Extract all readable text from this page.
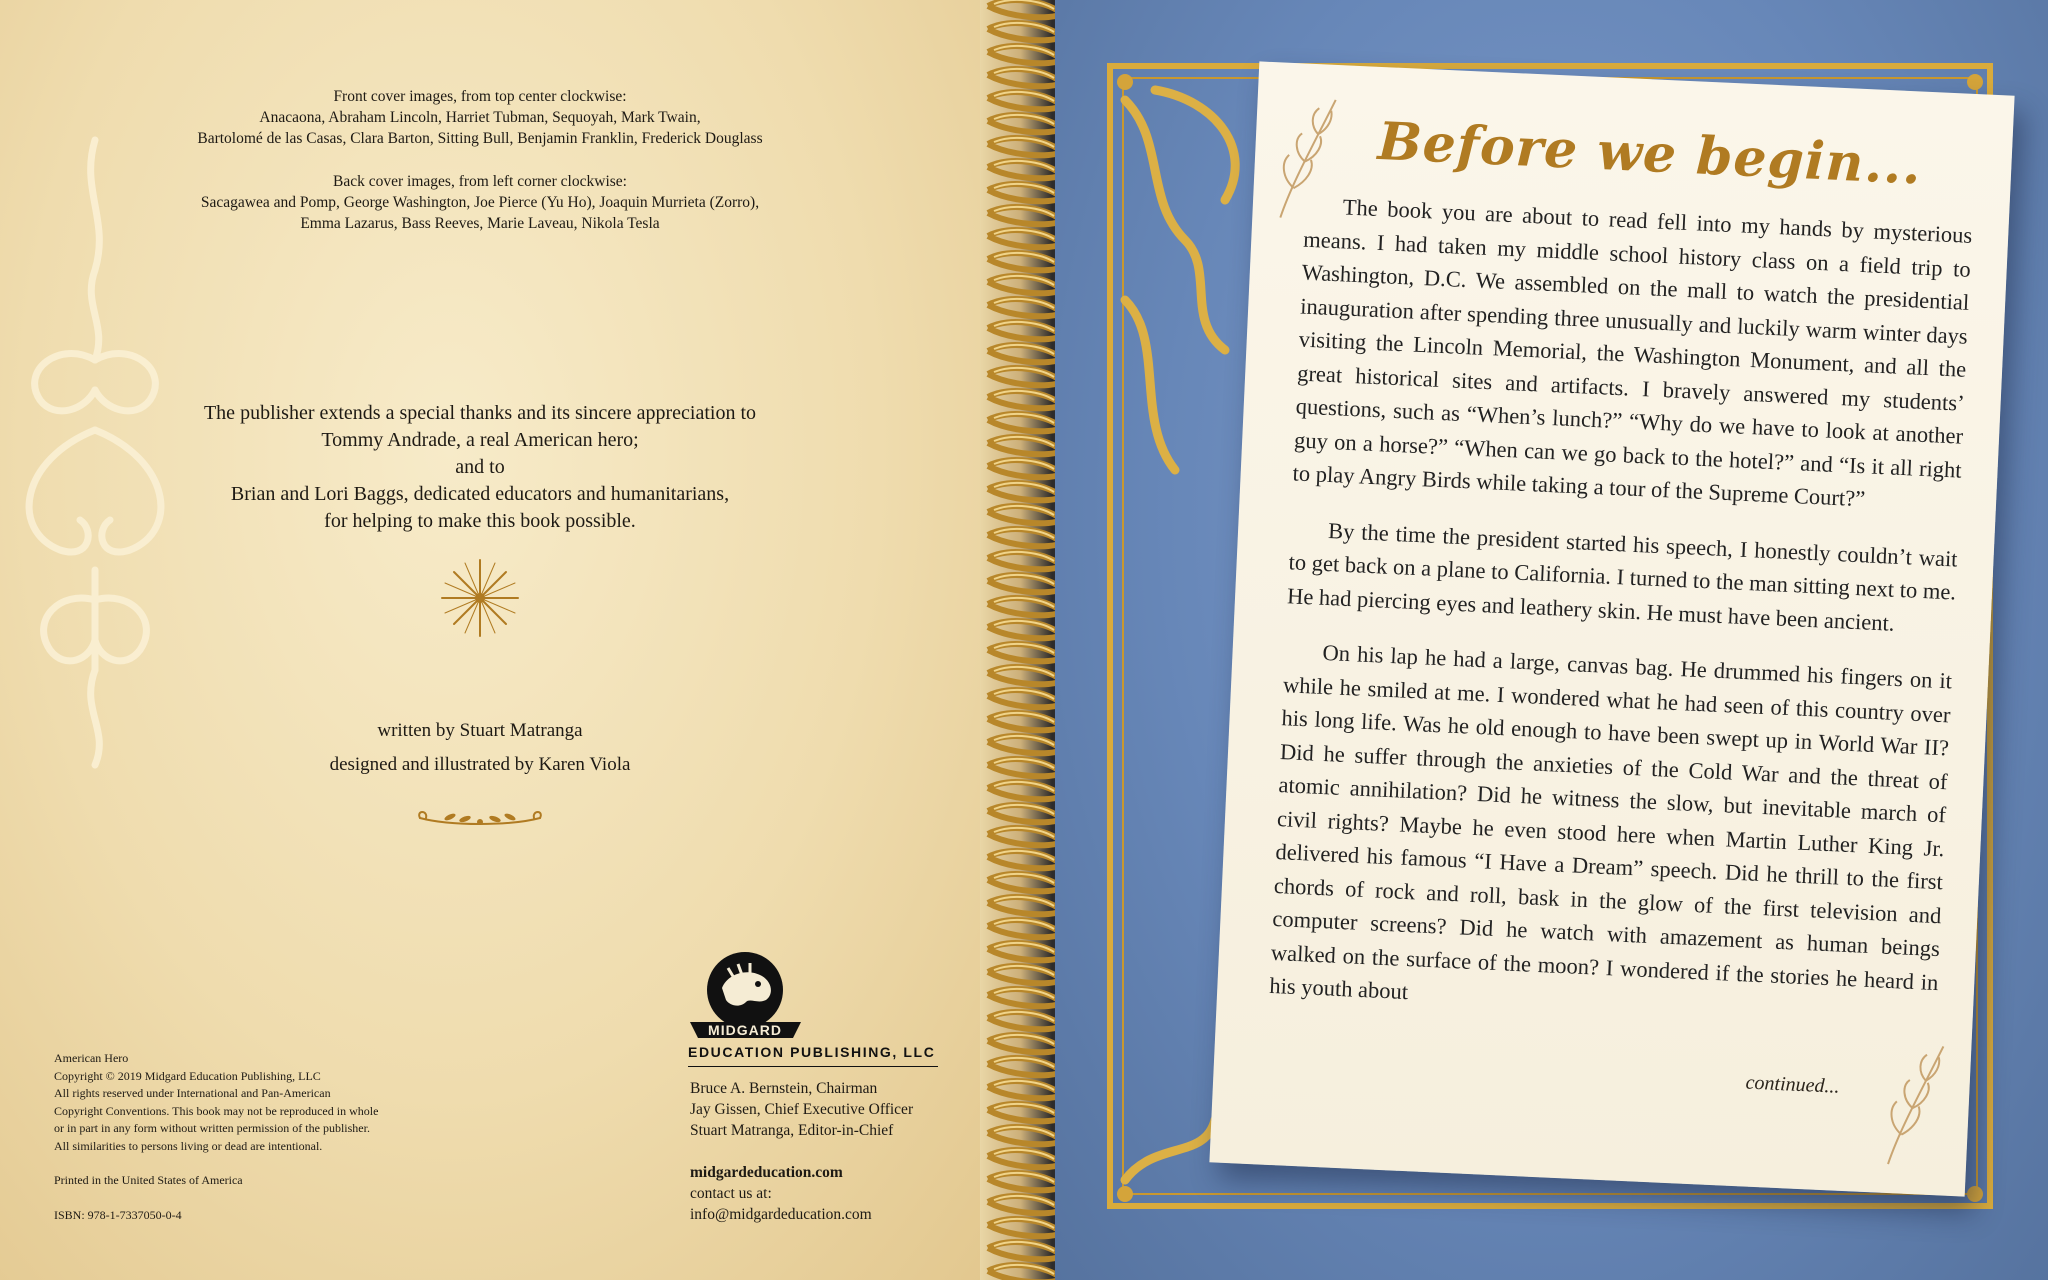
Front cover images, from top center clockwise:
Anacaona, Abraham Lincoln, Harriet Tubman, Sequoyah, Mark Twain,
Bartolomé de las Casas, Clara Barton, Sitting Bull, Benjamin Franklin, Frederick Douglass
Back cover images, from left corner clockwise:
Sacagawea and Pomp, George Washington, Joe Pierce (Yu Ho), Joaquin Murrieta (Zorro),
Emma Lazarus, Bass Reeves, Marie Laveau, Nikola Tesla
The publisher extends a special thanks and its sincere appreciation to
Tommy Andrade, a real American hero;
and to
Brian and Lori Baggs, dedicated educators and humanitarians,
for helping to make this book possible.
written by Stuart Matranga
designed and illustrated by Karen Viola
American Hero
Copyright © 2019 Midgard Education Publishing, LLC
All rights reserved under International and Pan-American
Copyright Conventions. This book may not be reproduced in whole
or in part in any form without written permission of the publisher.
All similarities to persons living or dead are intentional.
Printed in the United States of America
ISBN: 978-1-7337050-0-4
MIDGARD
EDUCATION PUBLISHING, LLC
Bruce A. Bernstein, Chairman
Jay Gissen, Chief Executive Officer
Stuart Matranga, Editor-in-Chief
midgardeducation.com
contact us at:
info@midgardeducation.com
Before we begin...

The book you are about to read fell into my hands by mysterious means. I had taken my middle school history class on a field trip to Washington, D.C. We assembled on the mall to watch the presidential inauguration after spending three unusually and luckily warm winter days visiting the Lincoln Memorial, the Washington Monument, and all the great historical sites and artifacts. I bravely answered my students’ questions, such as “When’s lunch?” “Why do we have to look at another guy on a horse?” “When can we go back to the hotel?” and “Is it all right to play Angry Birds while taking a tour of the Supreme Court?”

By the time the president started his speech, I honestly couldn’t wait to get back on a plane to California. I turned to the man sitting next to me. He had piercing eyes and leathery skin. He must have been ancient.

On his lap he had a large, canvas bag. He drummed his fingers on it while he smiled at me. I wondered what he had seen of this country over his long life. Was he old enough to have been swept up in World War II? Did he suffer through the anxieties of the Cold War and the threat of atomic annihilation? Did he witness the slow, but inevitable march of civil rights? Maybe he even stood here when Martin Luther King Jr. delivered his famous “I Have a Dream” speech. Did he thrill to the first chords of rock and roll, bask in the glow of the first television and computer screens? Did he watch with amazement as human beings walked on the surface of the moon? I wondered if the stories he heard in his youth about

continued...
